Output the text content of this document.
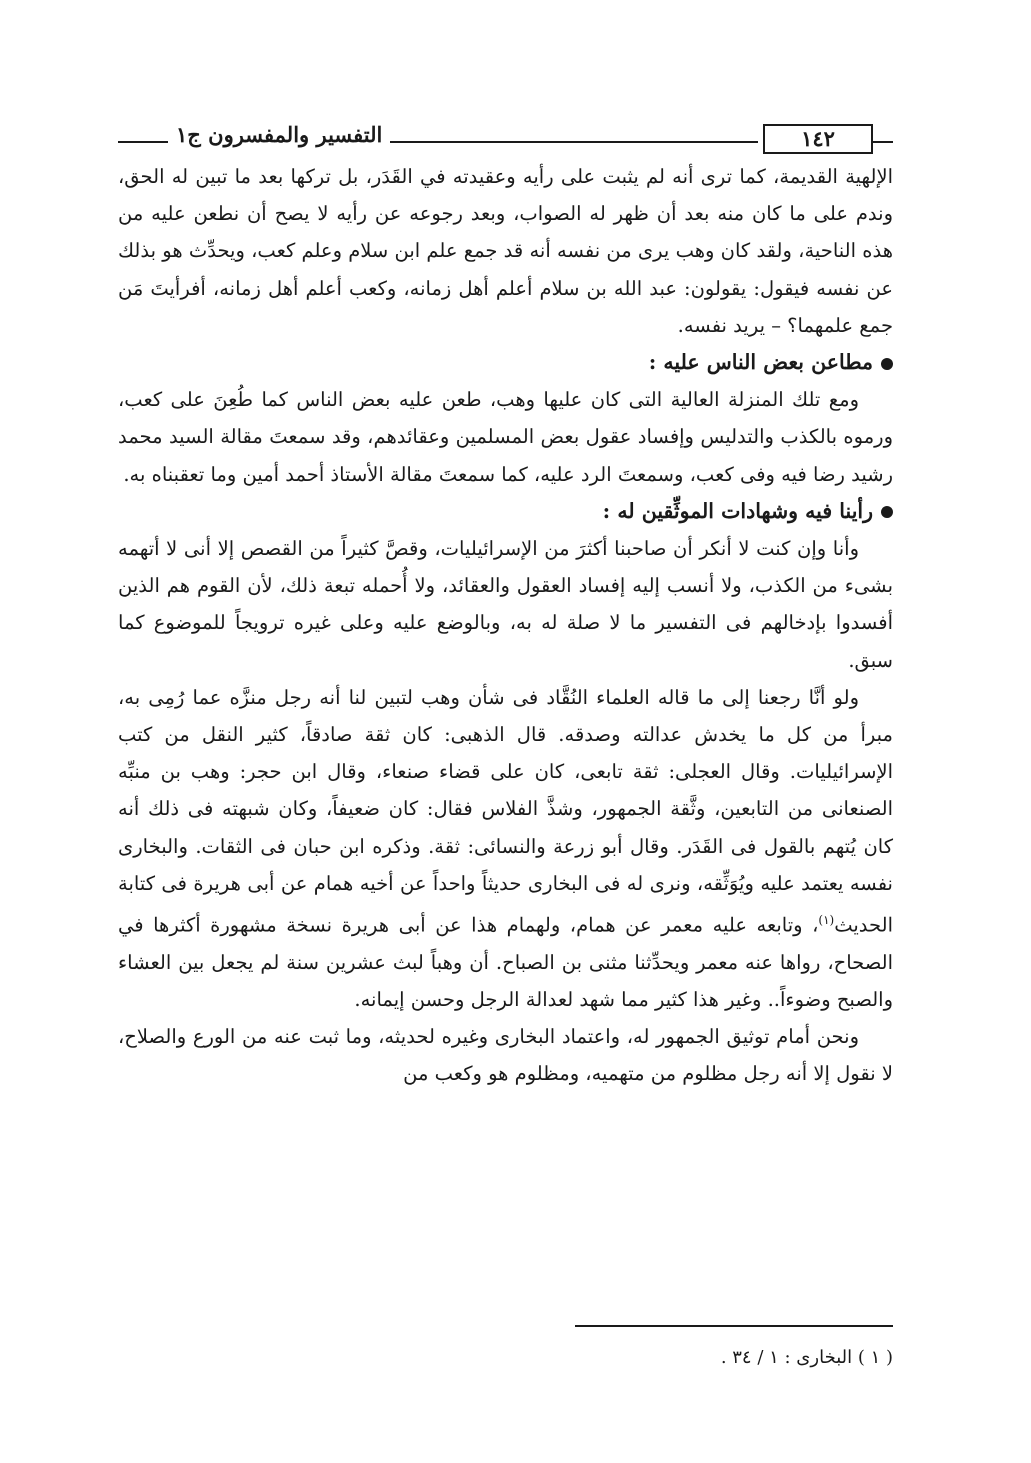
التفسير والمفسرون ج١	١٤٢

الإلهية القديمة، كما ترى أنه لم يثبت على رأيه وعقيدته في القَدَر، بل تركها بعد ما تبين له الحق، وندم على ما كان منه بعد أن ظهر له الصواب، وبعد رجوعه عن رأيه لا يصح أن نطعن عليه من هذه الناحية، ولقد كان وهب يرى من نفسه أنه قد جمع علم ابن سلام وعلم كعب، ويحدِّث هو بذلك عن نفسه فيقول: يقولون: عبد الله بن سلام أعلم أهل زمانه، وكعب أعلم أهل زمانه، أفرأيتَ مَن جمع علمهما؟ – يريد نفسه.

مطاعن بعض الناس عليه :

ومع تلك المنزلة العالية التى كان عليها وهب، طعن عليه بعض الناس كما طُعِنَ على كعب، ورموه بالكذب والتدليس وإفساد عقول بعض المسلمين وعقائدهم، وقد سمعتَ مقالة السيد محمد رشيد رضا فيه وفى كعب، وسمعتَ الرد عليه، كما سمعتَ مقالة الأستاذ أحمد أمين وما تعقبناه به.

رأينا فيه وشهادات الموثِّقين له :

وأنا وإن كنت لا أنكر أن صاحبنا أكثرَ من الإسرائيليات، وقصَّ كثيراً من القصص إلا أنى لا أتهمه بشىء من الكذب، ولا أنسب إليه إفساد العقول والعقائد، ولا أُحمله تبعة ذلك، لأن القوم هم الذين أفسدوا بإدخالهم فى التفسير ما لا صلة له به، وبالوضع عليه وعلى غيره ترويجاً للموضوع كما سبق.

ولو أنَّا رجعنا إلى ما قاله العلماء النُقَّاد فى شأن وهب لتبين لنا أنه رجل منزَّه عما رُمِى به، مبرأ من كل ما يخدش عدالته وصدقه. قال الذهبى: كان ثقة صادقاً، كثير النقل من كتب الإسرائيليات. وقال العجلى: ثقة تابعى، كان على قضاء صنعاء، وقال ابن حجر: وهب بن منبِّه الصنعانى من التابعين، وثَّقة الجمهور، وشذَّ الفلاس فقال: كان ضعيفاً، وكان شبهته فى ذلك أنه كان يُتهم بالقول فى القَدَر. وقال أبو زرعة والنسائى: ثقة. وذكره ابن حبان فى الثقات. والبخارى نفسه يعتمد عليه ويُوَثِّقه، ونرى له فى البخارى حديثاً واحداً عن أخيه همام عن أبى هريرة فى كتابة الحديث$^{(١)}$، وتابعه عليه معمر عن همام، ولهمام هذا عن أبى هريرة نسخة مشهورة أكثرها في الصحاح، رواها عنه معمر ويحدِّثنا مثنى بن الصباح. أن وهباً لبث عشرين سنة لم يجعل بين العشاء والصبح وضوءاً.. وغير هذا كثير مما شهد لعدالة الرجل وحسن إيمانه.

ونحن أمام توثيق الجمهور له، واعتماد البخارى وغيره لحديثه، وما ثبت عنه من الورع والصلاح، لا نقول إلا أنه رجل مظلوم من متهميه، ومظلوم هو وكعب من

( ١ ) البخارى : ١ / ٣٤ .
